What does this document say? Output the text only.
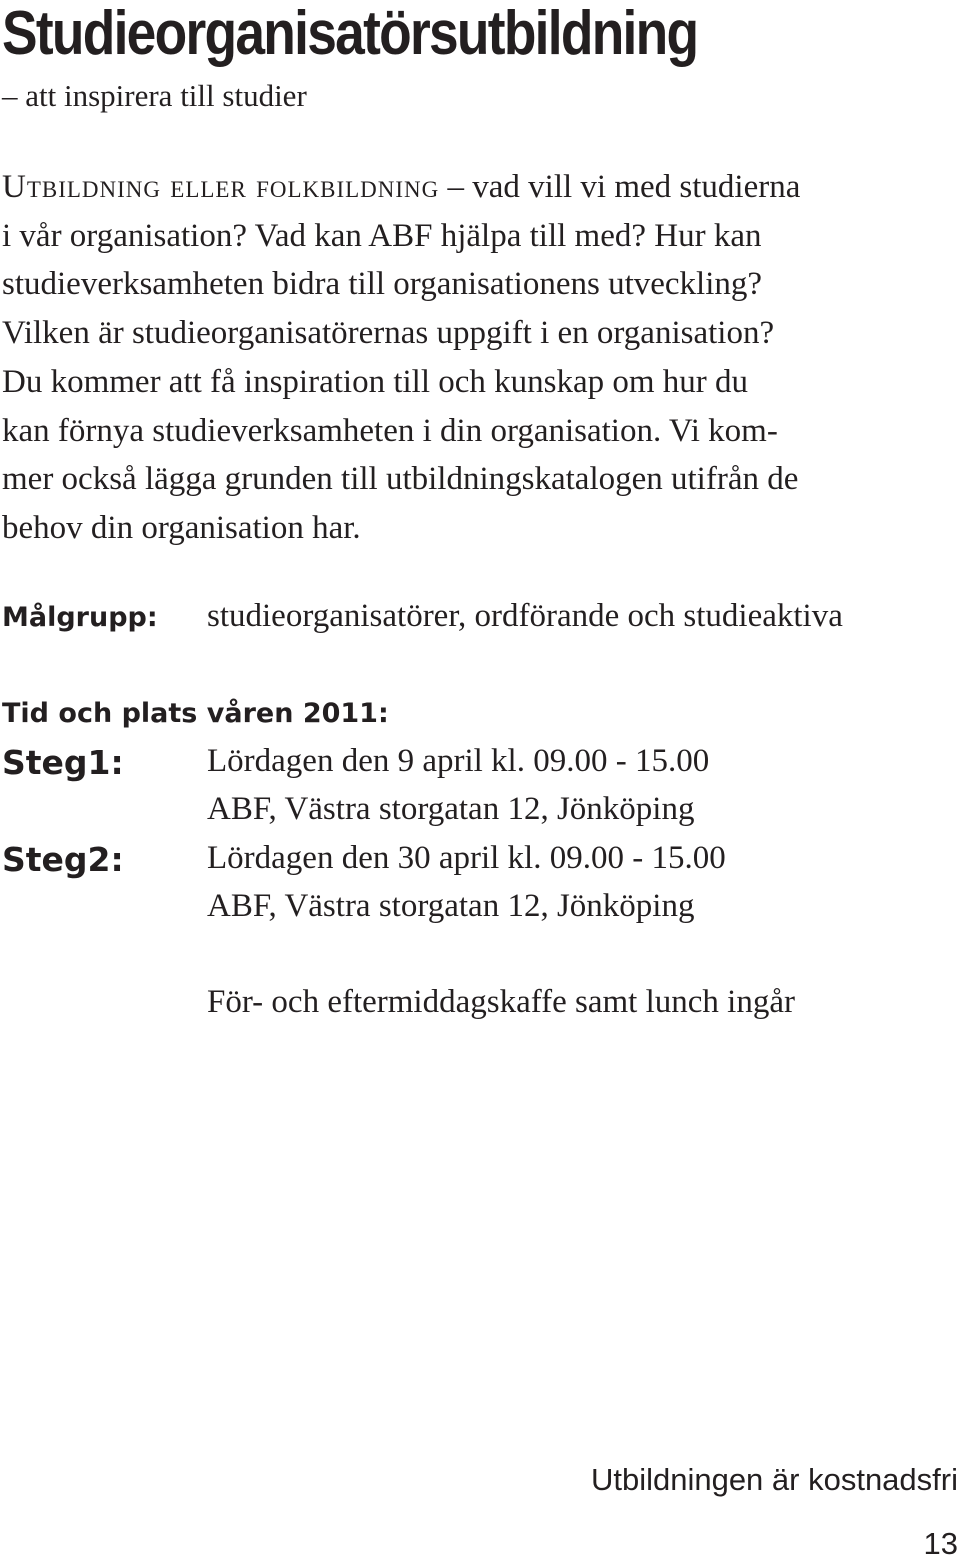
Studieorganisatörsutbildning
– att inspirera till studier
Utbildning eller folkbildning – vad vill vi med studierna
i vår organisation? Vad kan ABF hjälpa till med? Hur kan
studieverksamheten bidra till organisationens utveckling?
Vilken är studieorganisatörernas uppgift i en organisation?
Du kommer att få inspiration till och kunskap om hur du
kan förnya studieverksamheten i din organisation. Vi kom-
mer också lägga grunden till utbildningskatalogen utifrån de
behov din organisation har.
Målgrupp: studieorganisatörer, ordförande och studieaktiva
Tid och plats våren 2011:
Steg1:	Lördagen den 9 april kl. 09.00 - 15.00
ABF, Västra storgatan 12, Jönköping
Steg2:	Lördagen den 30 april kl. 09.00 - 15.00
ABF, Västra storgatan 12, Jönköping
För- och eftermiddagskaffe samt lunch ingår
Utbildningen är kostnadsfri
13
